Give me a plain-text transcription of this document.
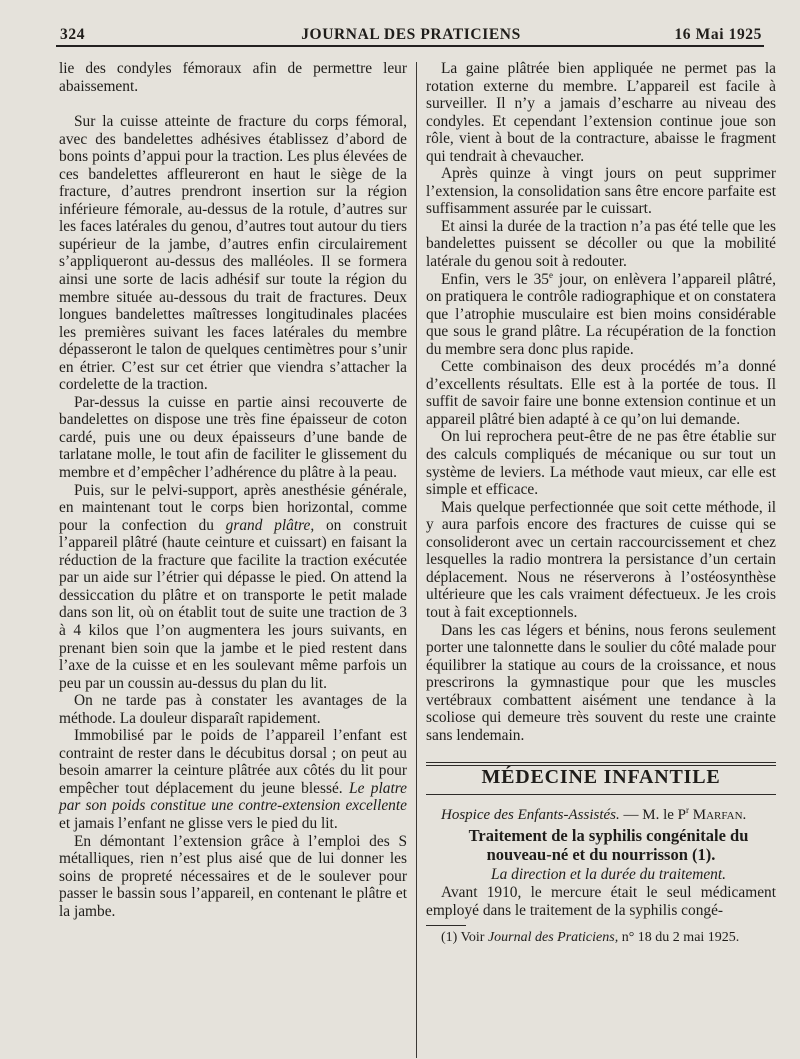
324	JOURNAL DES PRATICIENS	16 Mai 1925

lie des condyles fémoraux afin de permettre leur abaissement.

Sur la cuisse atteinte de fracture du corps fémoral, avec des bandelettes adhésives établissez d’abord de bons points d’appui pour la traction. Les plus élevées de ces bandelettes affleureront en haut le siège de la fracture, d’autres prendront insertion sur la région inférieure fémorale, au-dessus de la rotule, d’autres sur les faces latérales du genou, d’autres tout autour du tiers supérieur de la jambe, d’autres enfin circulairement s’appliqueront au-dessus des malléoles. Il se formera ainsi une sorte de lacis adhésif sur toute la région du membre située au-dessous du trait de fractures. Deux longues bandelettes maîtresses longitudinales placées les premières suivant les faces latérales du membre dépasseront le talon de quelques centimètres pour s’unir en étrier. C’est sur cet étrier que viendra s’attacher la cordelette de la traction.

Par-dessus la cuisse en partie ainsi recouverte de bandelettes on dispose une très fine épaisseur de coton cardé, puis une ou deux épaisseurs d’une bande de tarlatane molle, le tout afin de faciliter le glissement du membre et d’empêcher l’adhérence du plâtre à la peau.

Puis, sur le pelvi-support, après anesthésie générale, en maintenant tout le corps bien horizontal, comme pour la confection du grand plâtre, on construit l’appareil plâtré (haute ceinture et cuissart) en faisant la réduction de la fracture que facilite la traction exécutée par un aide sur l’étrier qui dépasse le pied. On attend la dessiccation du plâtre et on transporte le petit malade dans son lit, où on établit tout de suite une traction de 3 à 4 kilos que l’on augmentera les jours suivants, en prenant bien soin que la jambe et le pied restent dans l’axe de la cuisse et en les soulevant même parfois un peu par un coussin au-dessus du plan du lit.

On ne tarde pas à constater les avantages de la méthode. La douleur disparaît rapidement.

Immobilisé par le poids de l’appareil l’enfant est contraint de rester dans le décubitus dorsal ; on peut au besoin amarrer la ceinture plâtrée aux côtés du lit pour empêcher tout déplacement du jeune blessé. Le platre par son poids constitue une contre-extension excellente et jamais l’enfant ne glisse vers le pied du lit.

En démontant l’extension grâce à l’emploi des S métalliques, rien n’est plus aisé que de lui donner les soins de propreté nécessaires et de le soulever pour passer le bassin sous l’appareil, en contenant le plâtre et la jambe.

La gaine plâtrée bien appliquée ne permet pas la rotation externe du membre. L’appareil est facile à surveiller. Il n’y a jamais d’escharre au niveau des condyles. Et cependant l’extension continue joue son rôle, vient à bout de la contracture, abaisse le fragment qui tendrait à chevaucher.

Après quinze à vingt jours on peut supprimer l’extension, la consolidation sans être encore parfaite est suffisamment assurée par le cuissart.

Et ainsi la durée de la traction n’a pas été telle que les bandelettes puissent se décoller ou que la mobilité latérale du genou soit à redouter.

Enfin, vers le 35e jour, on enlèvera l’appareil plâtré, on pratiquera le contrôle radiographique et on constatera que l’atrophie musculaire est bien moins considérable que sous le grand plâtre. La récupération de la fonction du membre sera donc plus rapide.

Cette combinaison des deux procédés m’a donné d’excellents résultats. Elle est à la portée de tous. Il suffit de savoir faire une bonne extension continue et un appareil plâtré bien adapté à ce qu’on lui demande.

On lui reprochera peut-être de ne pas être établie sur des calculs compliqués de mécanique ou sur tout un système de leviers. La méthode vaut mieux, car elle est simple et efficace.

Mais quelque perfectionnée que soit cette méthode, il y aura parfois encore des fractures de cuisse qui se consolideront avec un certain raccourcissement et chez lesquelles la radio montrera la persistance d’un certain déplacement. Nous ne réserverons à l’ostéosynthèse ultérieure que les cals vraiment défectueux. Je les crois tout à fait exceptionnels.

Dans les cas légers et bénins, nous ferons seulement porter une talonnette dans le soulier du côté malade pour équilibrer la statique au cours de la croissance, et nous prescrirons la gymnastique pour que les muscles vertébraux combattent aisément une tendance à la scoliose qui demeure très souvent du reste une crainte sans lendemain.

MÉDECINE INFANTILE

Hospice des Enfants-Assistés. — M. le $P^r$ Marfan.

Traitement de la syphilis congénitale du nouveau-né et du nourrisson (1).

La direction et la durée du traitement.

Avant 1910, le mercure était le seul médicament employé dans le traitement de la syphilis congé-

(1) Voir Journal des Praticiens, n° 18 du 2 mai 1925.
